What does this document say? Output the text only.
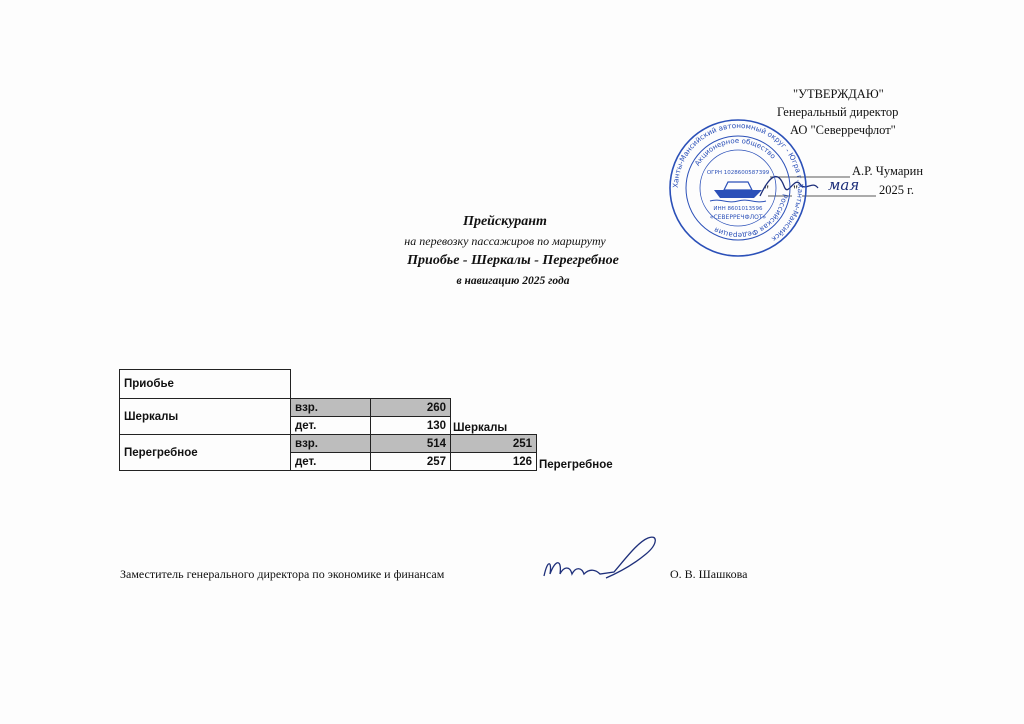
"УТВЕРЖДАЮ"
Генеральный директор
АО "Северречфлот"
А.Р. Чумарин
" " мая 2025 г.
Ханты-Мансийский автономный округ - Югра г. Ханты-Мансийск
Российская Федерация
Акционерное общество
ОГРН 1028600587399
ИНН 8601013596
«СЕВЕРРЕЧФЛОТ»
Прейскурант
на перевозку пассажиров по маршруту
Приобье - Шеркалы - Перегребное
в навигацию 2025 года
Приобье				
Шеркалы	взр.	260		
	дет.	130	Шеркалы	
Перегребное	взр.	514	251	
	дет.	257	126	Перегребное
Заместитель генерального директора по экономике и финансам	О. В. Шашкова
